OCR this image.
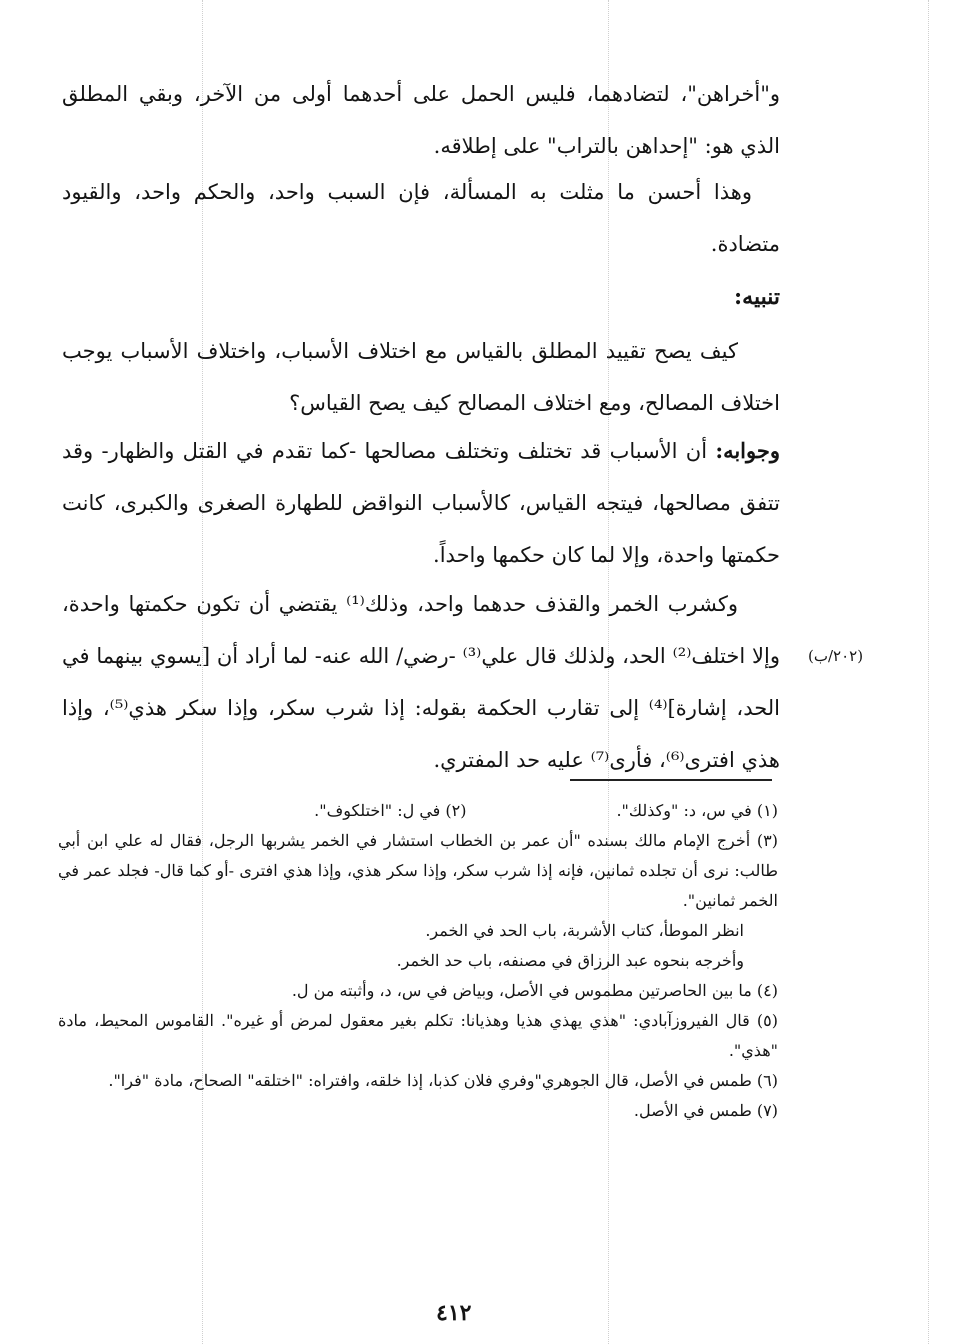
و"أخراهن"، لتضادهما، فليس الحمل على أحدهما أولى من الآخر، وبقي المطلق الذي هو: "إحداهن بالتراب" على إطلاقه.

وهذا أحسن ما مثلت به المسألة، فإن السبب واحد، والحكم واحد، والقيود متضادة.

تنبيه:

كيف يصح تقييد المطلق بالقياس مع اختلاف الأسباب، واختلاف الأسباب يوجب اختلاف المصالح، ومع اختلاف المصالح كيف يصح القياس؟

وجوابه: أن الأسباب قد تختلف وتختلف مصالحها -كما تقدم في القتل والظهار- وقد تتفق مصالحها، فيتجه القياس، كالأسباب النواقض للطهارة الصغرى والكبرى، كانت حكمتها واحدة، وإلا لما كان حكمها واحداً.

وكشرب الخمر والقذف حدهما واحد، وذلك⁽¹⁾ يقتضي أن تكون حكمتها واحدة، وإلا اختلف⁽²⁾ الحد، ولذلك قال علي⁽³⁾ -رضي/ الله عنه- لما أراد أن [يسوي بينهما في الحد، إشارة]⁽⁴⁾ إلى تقارب الحكمة بقوله: إذا شرب سكر، وإذا سكر هذي⁽⁵⁾، وإذا هذي افترى⁽⁶⁾، فأرى⁽⁷⁾ عليه حد المفتري.

(٢٠٢/ب)
(١) في س، د: "وكذلك".
(٢) في ل: "اختلكوف".

(٣) أخرج الإمام مالك بسنده "أن عمر بن الخطاب استشار في الخمر يشربها الرجل، فقال له علي ابن أبي طالب: نرى أن تجلده ثمانين، فإنه إذا شرب سكر، وإذا سكر هذي، وإذا هذي افترى -أو كما قال- فجلد عمر في الخمر ثمانين".

انظر الموطأ، كتاب الأشربة، باب الحد في الخمر.

وأخرجه بنحوه عبد الرزاق في مصنفه، باب حد الخمر.

(٤) ما بين الحاصرتين مطموس في الأصل، وبياض في س، د، وأثبته من ل.

(٥) قال الفيروزآبادي: "هذي يهذي هذيا وهذيانا: تكلم بغير معقول لمرض أو غيره". القاموس المحيط، مادة "هذي".

(٦) طمس في الأصل، قال الجوهري"وفري فلان كذبا، إذا خلقه، وافتراه: "اختلقه" الصحاح، مادة "فرا".

(٧) طمس في الأصل.

٤١٢
